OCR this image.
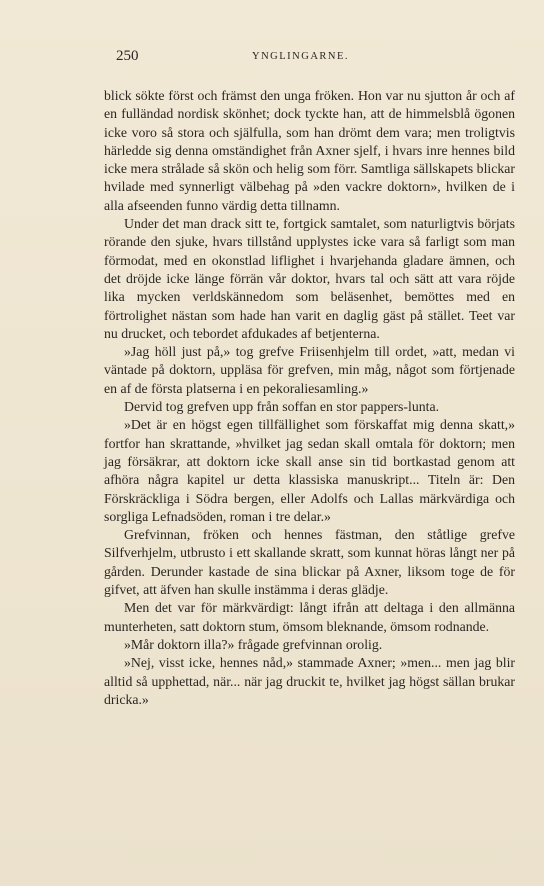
250	YNGLINGARNE.

blick sökte först och främst den unga fröken. Hon var nu sjutton år och af en fulländad nordisk skönhet; dock tyckte han, att de himmelsblå ögonen icke voro så stora och själfulla, som han drömt dem vara; men troligtvis härledde sig denna omständighet från Axner sjelf, i hvars inre hennes bild icke mera strålade så skön och helig som förr. Samtliga sällskapets blickar hvilade med synnerligt välbehag på »den vackre doktorn», hvilken de i alla afseenden funno värdig detta tillnamn.

Under det man drack sitt te, fortgick samtalet, som naturligtvis börjats rörande den sjuke, hvars tillstånd upplystes icke vara så farligt som man förmodat, med en okonstlad liflighet i hvarjehanda gladare ämnen, och det dröjde icke länge förrän vår doktor, hvars tal och sätt att vara röjde lika mycken verldskännedom som beläsenhet, bemöttes med en förtrolighet nästan som hade han varit en daglig gäst på stället. Teet var nu drucket, och tebordet afdukades af betjenterna.

»Jag höll just på,» tog grefve Friisenhjelm till ordet, »att, medan vi väntade på doktorn, uppläsa för grefven, min måg, något som förtjenade en af de första platserna i en pekoraliesamling.»

Dervid tog grefven upp från soffan en stor pappers-lunta.

»Det är en högst egen tillfällighet som förskaffat mig denna skatt,» fortfor han skrattande, »hvilket jag sedan skall omtala för doktorn; men jag försäkrar, att doktorn icke skall anse sin tid bortkastad genom att afhöra några kapitel ur detta klassiska manuskript... Titeln är: Den Förskräckliga i Södra bergen, eller Adolfs och Lallas märkvärdiga och sorgliga Lefnadsöden, roman i tre delar.»

Grefvinnan, fröken och hennes fästman, den ståtlige grefve Silfverhjelm, utbrusto i ett skallande skratt, som kunnat höras långt ner på gården. Derunder kastade de sina blickar på Axner, liksom toge de för gifvet, att äfven han skulle instämma i deras glädje.

Men det var för märkvärdigt: långt ifrån att deltaga i den allmänna munterheten, satt doktorn stum, ömsom bleknande, ömsom rodnande.

»Mår doktorn illa?» frågade grefvinnan orolig.

»Nej, visst icke, hennes nåd,» stammade Axner; »men... men jag blir alltid så upphettad, när... när jag druckit te, hvilket jag högst sällan brukar dricka.»
